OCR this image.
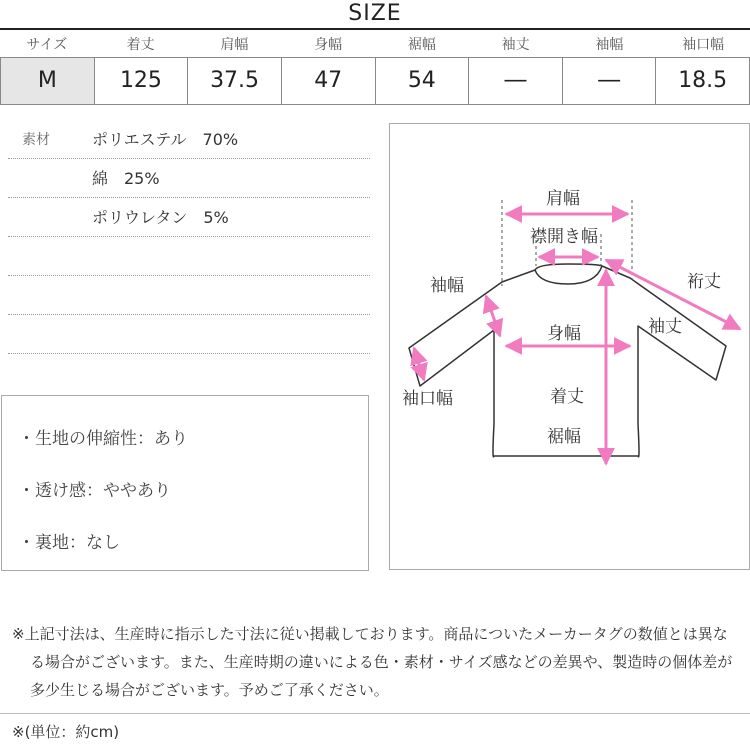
SIZE
サイズ	着丈	肩幅	身幅	裾幅	袖丈	袖幅	袖口幅
M	125	37.5	47	54	―	―	18.5
素材	ポリエステル　70%
綿　25%
ポリウレタン　5%
・生地の伸縮性：あり
・透け感：ややあり
・裏地：なし
肩幅
襟開き幅
袖幅	裄丈
袖丈
身幅
袖口幅	着丈
裾幅

※上記寸法は、生産時に指示した寸法に従い掲載しております。商品についたメーカータグの数値とは異なる場合がございます。また、生産時期の違いによる色・素材・サイズ感などの差異や、製造時の個体差が多少生じる場合がございます。予めご了承ください。

※(単位：約cm)
